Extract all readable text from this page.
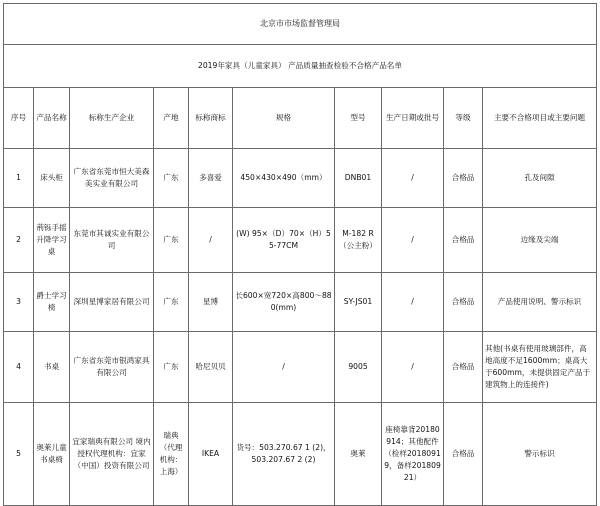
北京市市场监督管理局									
2019年家具（儿童家具） 产品质量抽查检验不合格产品名单									
序号	产品名称	标称生产企业	产地	标称商标	规格	型号	生产日期或批号	等级	主要不合格项目或主要问题
1	床头柜	广东省东莞市恒大美森美实业有限公司	广东	多喜爱	450×430×490（mm）	DNB01	/	合格品	孔及间隙
2	荊铄手摇升降学习桌	东莞市其诚实业有限公司	广东	/	(W) 95×（D）70×（H）55-77CM	M-182 R（公主粉）	/	合格品	边缘及尖端
3	爵士学习椅	深圳星博家居有限公司	广东	星博	长600×宽720×高800～880(mm)	SY-JS01	/	合格品	产品使用说明、警示标识
4	书桌	广东省东莞市银鸿家具有限公司	广东	哈尼贝贝	/	9005	/	合格品	其他(书桌有使用玻璃部件，高地高度不足1600mm；桌高大于600mm，未提供固定产品于建筑物上的连接件)
5	奥莱儿童书桌椅	宜家瑞典有限公司 境内授权代理机构：宜家（中国）投资有限公司	瑞典（代理机构：上海）	IKEA	货号：503.270.67 1 (2)，503.207.67 2 (2)	奥莱	座椅靠背20180914；其他配件（检样20180919，备样20180921）	合格品	警示标识
